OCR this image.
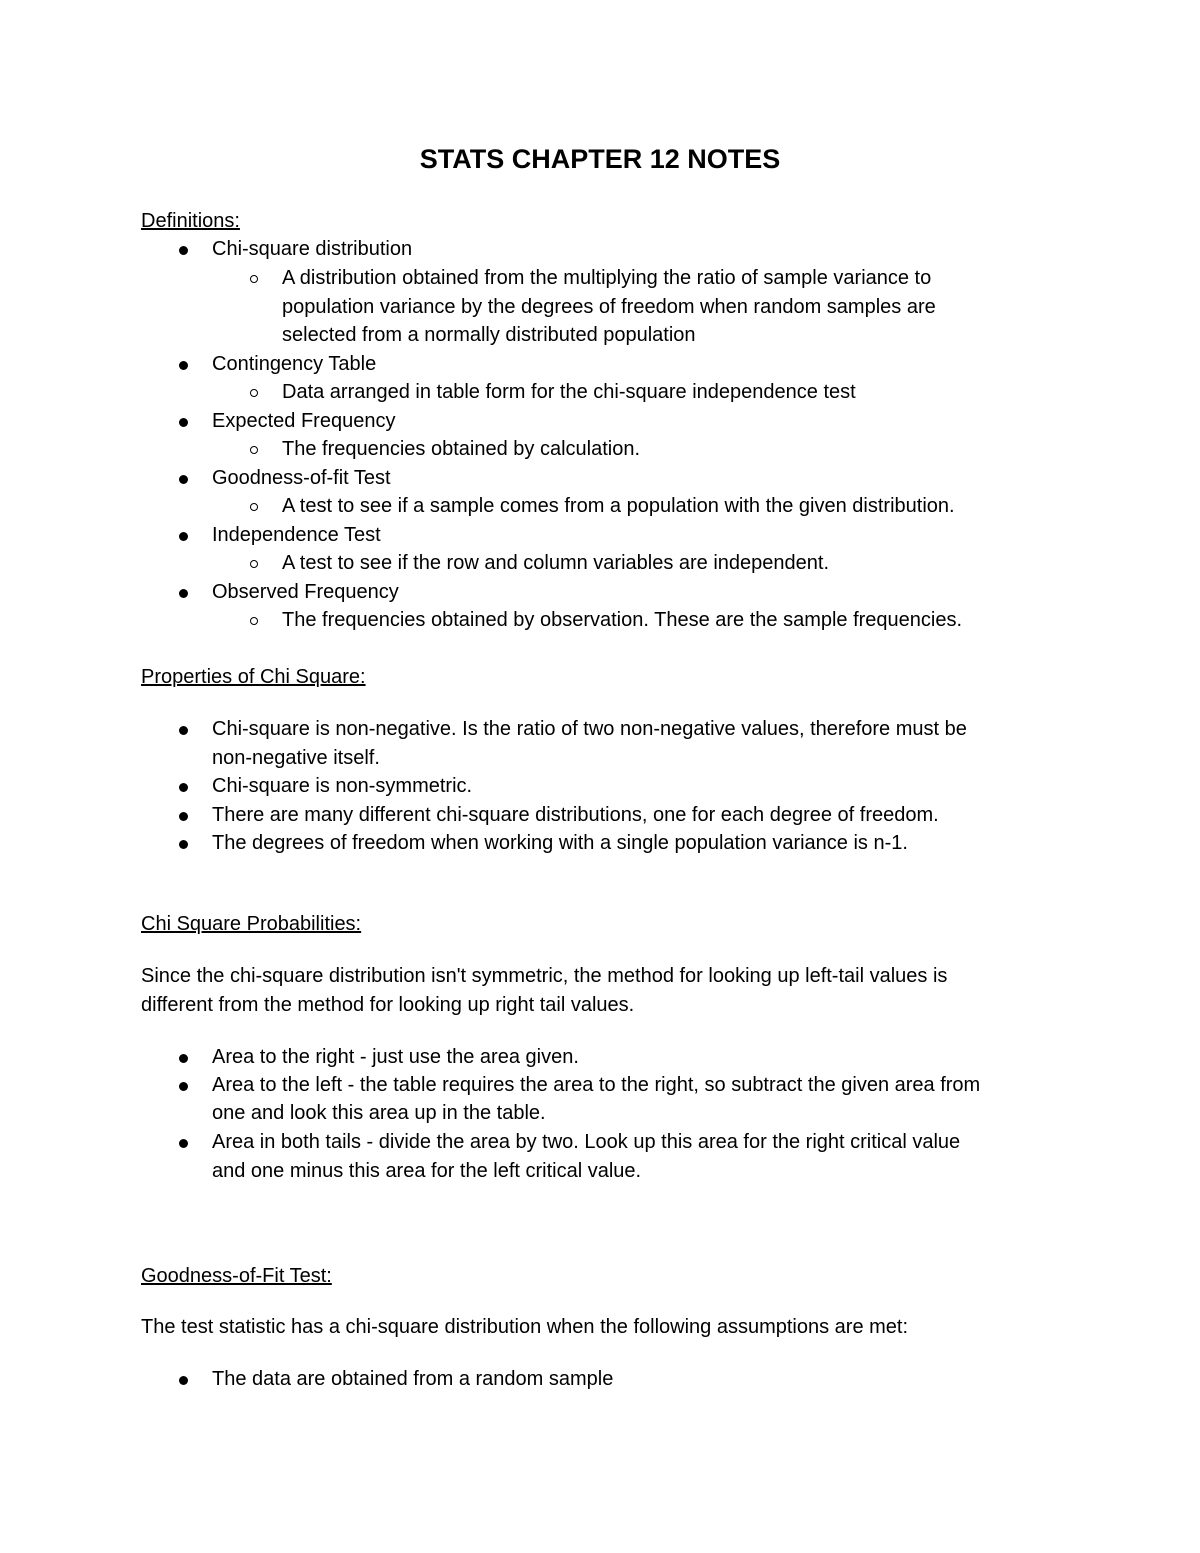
STATS CHAPTER 12 NOTES
Definitions:
Chi-square distribution
A distribution obtained from the multiplying the ratio of sample variance to
population variance by the degrees of freedom when random samples are
selected from a normally distributed population
Contingency Table
Data arranged in table form for the chi-square independence test
Expected Frequency
The frequencies obtained by calculation.
Goodness-of-fit Test
A test to see if a sample comes from a population with the given distribution.
Independence Test
A test to see if the row and column variables are independent.
Observed Frequency
The frequencies obtained by observation. These are the sample frequencies.
Properties of Chi Square:
Chi-square is non-negative. Is the ratio of two non-negative values, therefore must be
non-negative itself.
Chi-square is non-symmetric.
There are many different chi-square distributions, one for each degree of freedom.
The degrees of freedom when working with a single population variance is n-1.
Chi Square Probabilities:
Since the chi-square distribution isn't symmetric, the method for looking up left-tail values is
different from the method for looking up right tail values.
Area to the right - just use the area given.
Area to the left - the table requires the area to the right, so subtract the given area from
one and look this area up in the table.
Area in both tails - divide the area by two. Look up this area for the right critical value
and one minus this area for the left critical value.
Goodness-of-Fit Test:
The test statistic has a chi-square distribution when the following assumptions are met:
The data are obtained from a random sample
